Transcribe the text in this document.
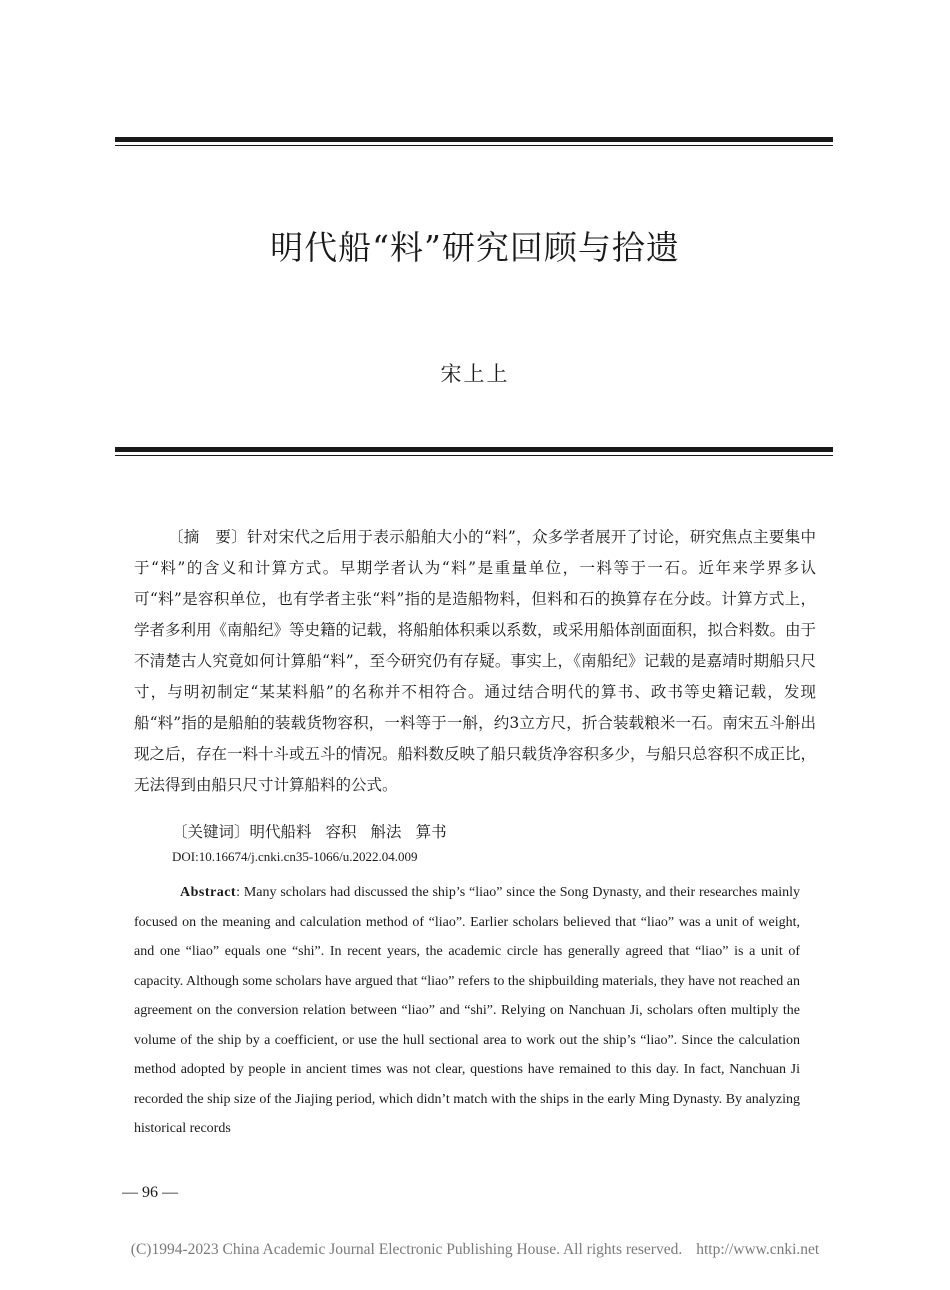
明代船“料”研究回顾与拾遗
宋上上
〔摘　要〕针对宋代之后用于表示船舶大小的“料”，众多学者展开了讨论，研究焦点主要集中于“料”的含义和计算方式。早期学者认为“料”是重量单位，一料等于一石。近年来学界多认可“料”是容积单位，也有学者主张“料”指的是造船物料，但料和石的换算存在分歧。计算方式上，学者多利用《南船纪》等史籍的记载，将船舶体积乘以系数，或采用船体剖面面积，拟合料数。由于不清楚古人究竟如何计算船“料”，至今研究仍有存疑。事实上，《南船纪》记载的是嘉靖时期船只尺寸，与明初制定“某某料船”的名称并不相符合。通过结合明代的算书、政书等史籍记载，发现船“料”指的是船舶的装载货物容积，一料等于一斛，约3立方尺，折合装载粮米一石。南宋五斗斛出现之后，存在一料十斗或五斗的情况。船料数反映了船只载货净容积多少，与船只总容积不成正比，无法得到由船只尺寸计算船料的公式。
〔关键词〕明代船料 容积 斛法 算书
DOI:10.16674/j.cnki.cn35-1066/u.2022.04.009
Abstract: Many scholars had discussed the ship’s “liao” since the Song Dynasty, and their researches mainly focused on the meaning and calculation method of “liao”. Earlier scholars believed that “liao” was a unit of weight, and one “liao” equals one “shi”. In recent years, the academic circle has generally agreed that “liao” is a unit of capacity. Although some scholars have argued that “liao” refers to the shipbuilding materials, they have not reached an agreement on the conversion relation between “liao” and “shi”. Relying on Nanchuan Ji, scholars often multiply the volume of the ship by a coefficient, or use the hull sectional area to work out the ship’s “liao”. Since the calculation method adopted by people in ancient times was not clear, questions have remained to this day. In fact, Nanchuan Ji recorded the ship size of the Jiajing period, which didn’t match with the ships in the early Ming Dynasty. By analyzing historical records
— 96 —
(C)1994-2023 China Academic Journal Electronic Publishing House. All rights reserved. http://www.cnki.net
